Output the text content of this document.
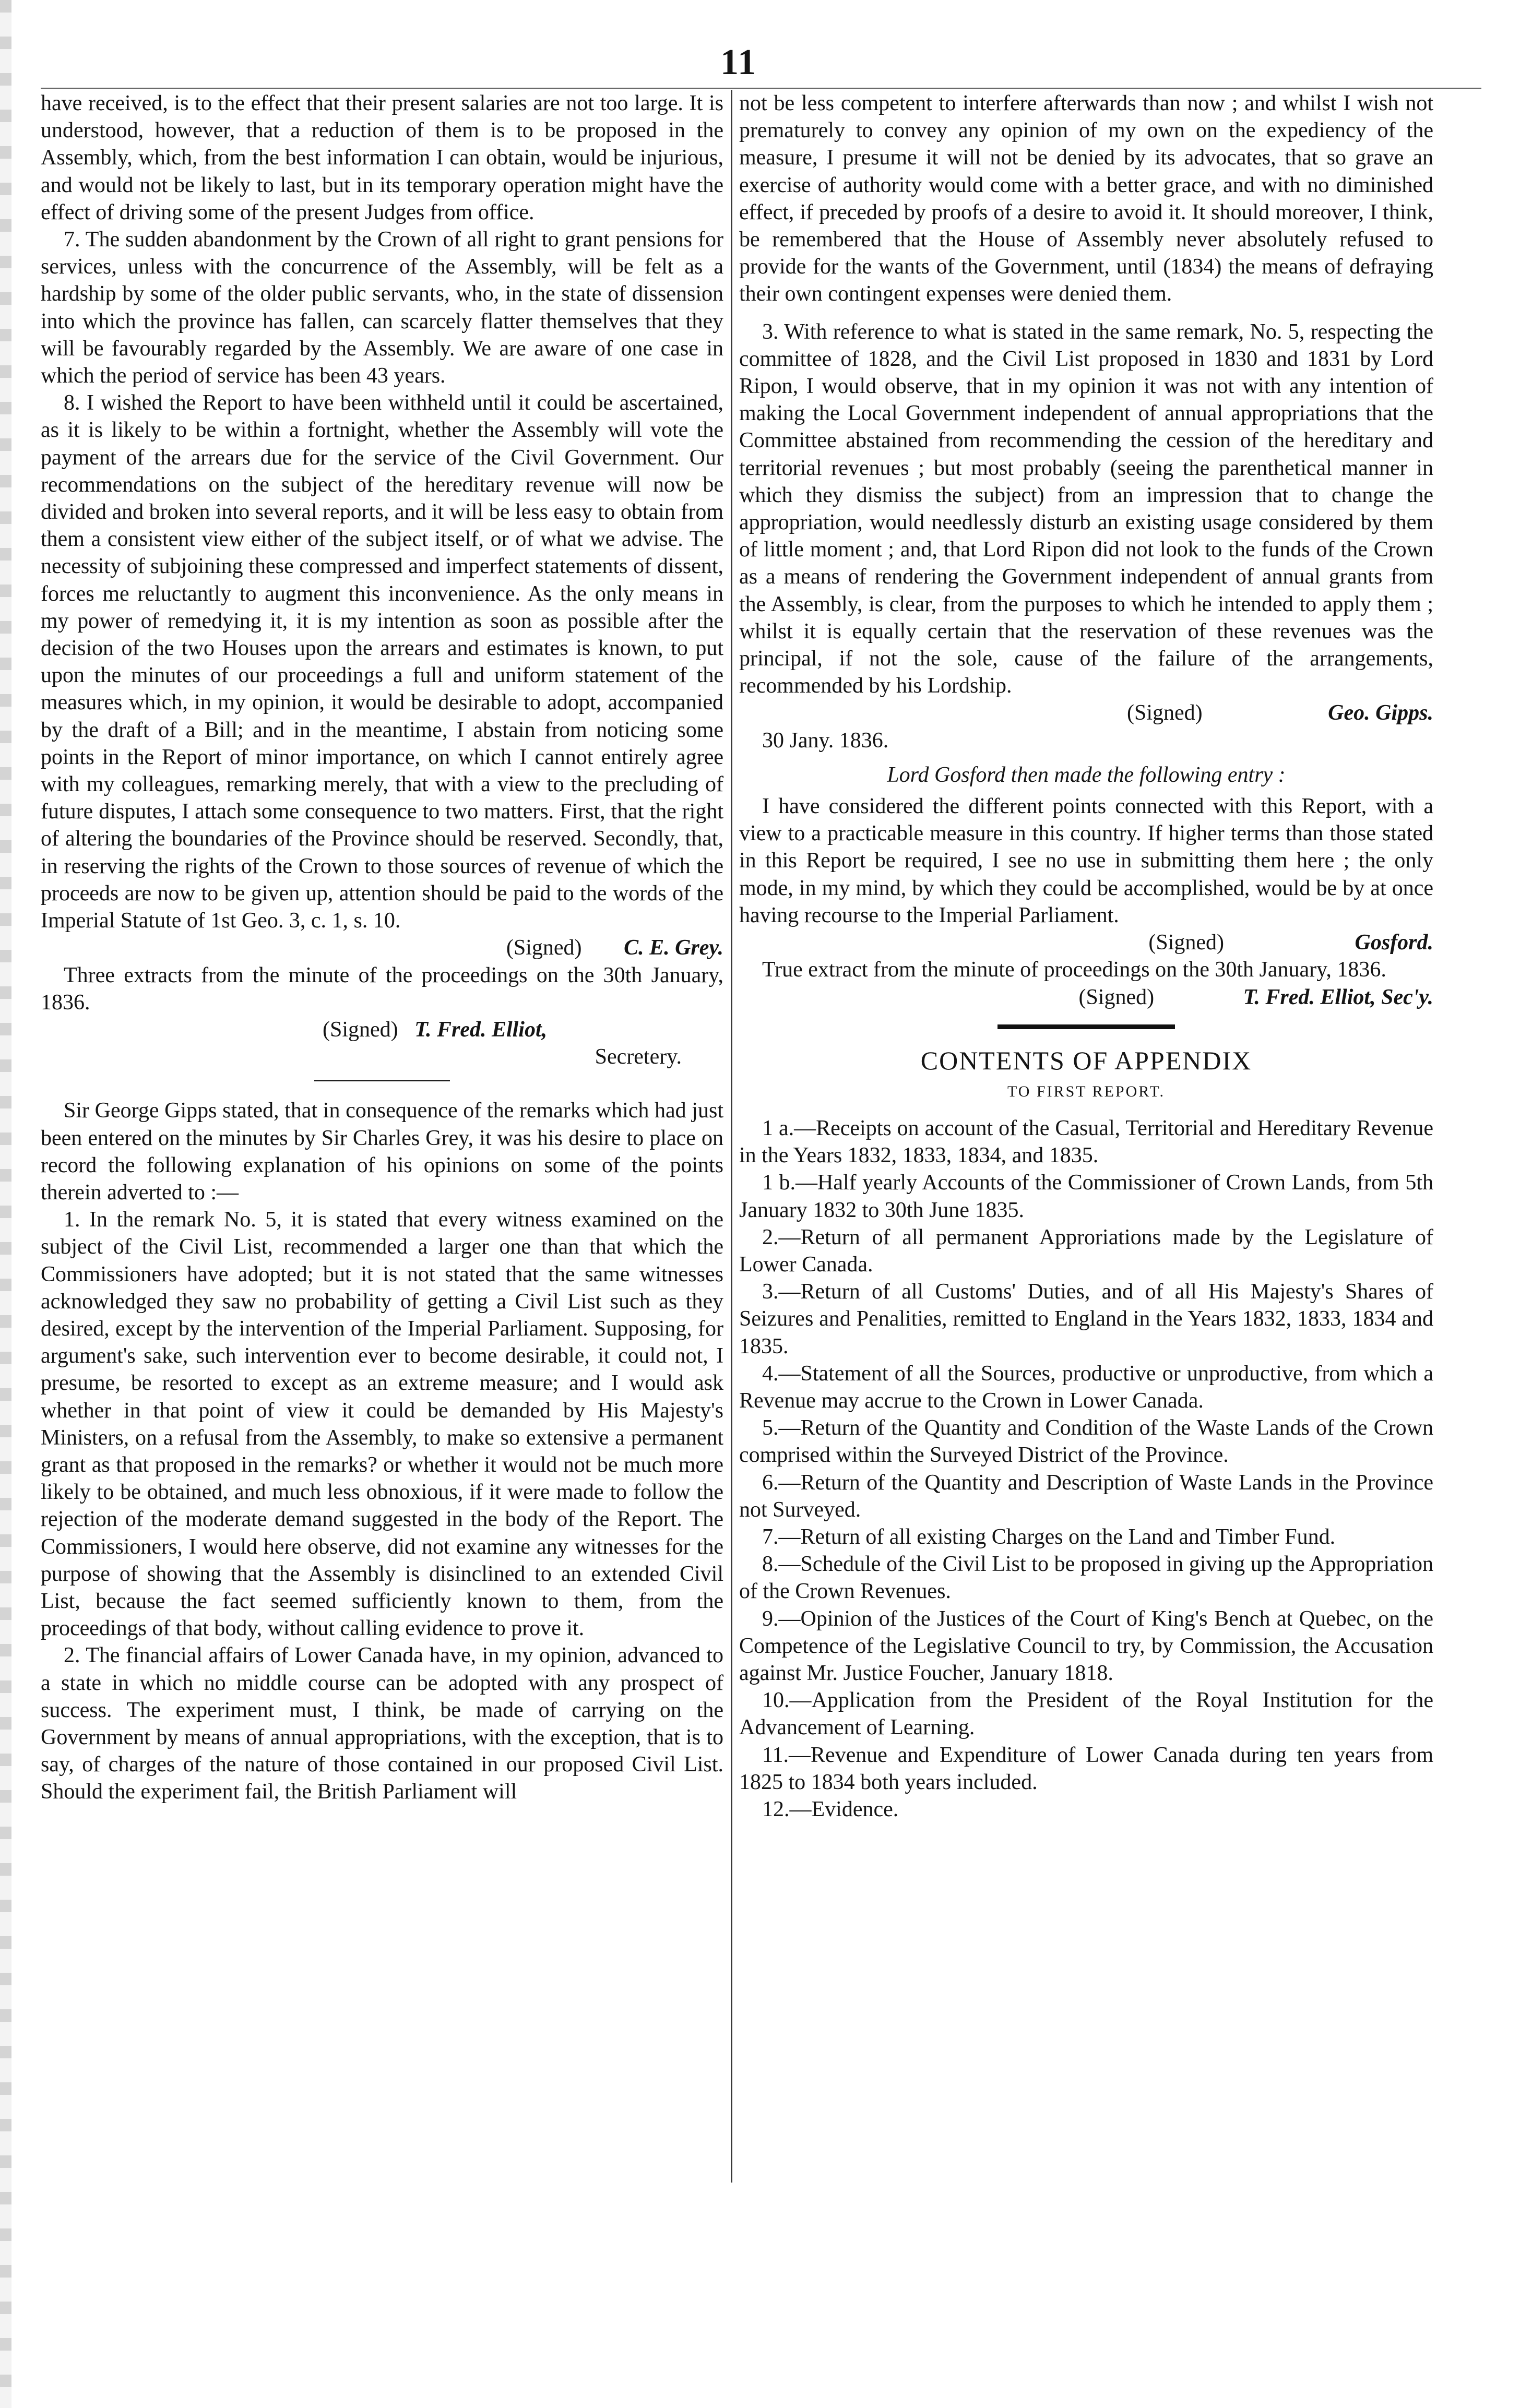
11

have received, is to the effect that their present salaries are not too large. It is understood, however, that a reduction of them is to be proposed in the Assembly, which, from the best information I can obtain, would be injurious, and would not be likely to last, but in its temporary operation might have the effect of driving some of the present Judges from office.

7. The sudden abandonment by the Crown of all right to grant pensions for services, unless with the concurrence of the Assembly, will be felt as a hardship by some of the older public servants, who, in the state of dissension into which the province has fallen, can scarcely flatter themselves that they will be favourably regarded by the Assembly. We are aware of one case in which the period of service has been 43 years.

8. I wished the Report to have been withheld until it could be ascertained, as it is likely to be within a fortnight, whether the Assembly will vote the payment of the arrears due for the service of the Civil Government. Our recommendations on the subject of the hereditary revenue will now be divided and broken into several reports, and it will be less easy to obtain from them a consistent view either of the subject itself, or of what we advise. The necessity of subjoining these compressed and imperfect statements of dissent, forces me reluctantly to augment this inconvenience. As the only means in my power of remedying it, it is my intention as soon as possible after the decision of the two Houses upon the arrears and estimates is known, to put upon the minutes of our proceedings a full and uniform statement of the measures which, in my opinion, it would be desirable to adopt, accompanied by the draft of a Bill; and in the meantime, I abstain from noticing some points in the Report of minor importance, on which I cannot entirely agree with my colleagues, remarking merely, that with a view to the precluding of future disputes, I attach some consequence to two matters. First, that the right of altering the boundaries of the Province should be reserved. Secondly, that, in reserving the rights of the Crown to those sources of revenue of which the proceeds are now to be given up, attention should be paid to the words of the Imperial Statute of 1st Geo. 3, c. 1, s. 10.

(Signed) C. E. Grey.

Three extracts from the minute of the proceedings on the 30th January, 1836.

(Signed) T. Fred. Elliot,

Secretery.

Sir George Gipps stated, that in consequence of the remarks which had just been entered on the minutes by Sir Charles Grey, it was his desire to place on record the following explanation of his opinions on some of the points therein adverted to :—

1. In the remark No. 5, it is stated that every witness examined on the subject of the Civil List, recommended a larger one than that which the Commissioners have adopted; but it is not stated that the same witnesses acknowledged they saw no probability of getting a Civil List such as they desired, except by the intervention of the Imperial Parliament. Supposing, for argument's sake, such intervention ever to become desirable, it could not, I presume, be resorted to except as an extreme measure; and I would ask whether in that point of view it could be demanded by His Majesty's Ministers, on a refusal from the Assembly, to make so extensive a permanent grant as that proposed in the remarks? or whether it would not be much more likely to be obtained, and much less obnoxious, if it were made to follow the rejection of the moderate demand suggested in the body of the Report. The Commissioners, I would here observe, did not examine any witnesses for the purpose of showing that the Assembly is disinclined to an extended Civil List, because the fact seemed sufficiently known to them, from the proceedings of that body, without calling evidence to prove it.

2. The financial affairs of Lower Canada have, in my opinion, advanced to a state in which no middle course can be adopted with any prospect of success. The experiment must, I think, be made of carrying on the Government by means of annual appropriations, with the exception, that is to say, of charges of the nature of those contained in our proposed Civil List. Should the experiment fail, the British Parliament will

not be less competent to interfere afterwards than now ; and whilst I wish not prematurely to convey any opinion of my own on the expediency of the measure, I presume it will not be denied by its advocates, that so grave an exercise of authority would come with a better grace, and with no diminished effect, if preceded by proofs of a desire to avoid it. It should moreover, I think, be remembered that the House of Assembly never absolutely refused to provide for the wants of the Government, until (1834) the means of defraying their own contingent expenses were denied them.

3. With reference to what is stated in the same remark, No. 5, respecting the committee of 1828, and the Civil List proposed in 1830 and 1831 by Lord Ripon, I would observe, that in my opinion it was not with any intention of making the Local Government independent of annual appropriations that the Committee abstained from recommending the cession of the hereditary and territorial revenues ; but most probably (seeing the parenthetical manner in which they dismiss the subject) from an impression that to change the appropriation, would needlessly disturb an existing usage considered by them of little moment ; and, that Lord Ripon did not look to the funds of the Crown as a means of rendering the Government independent of annual grants from the Assembly, is clear, from the purposes to which he intended to apply them ; whilst it is equally certain that the reservation of these revenues was the principal, if not the sole, cause of the failure of the arrangements, recommended by his Lordship.

(Signed)	Geo. Gipps.

30 Jany. 1836.

Lord Gosford then made the following entry :

I have considered the different points connected with this Report, with a view to a practicable measure in this country. If higher terms than those stated in this Report be required, I see no use in submitting them here ; the only mode, in my mind, by which they could be accomplished, would be by at once having recourse to the Imperial Parliament.

(Signed)	Gosford.

True extract from the minute of proceedings on the 30th January, 1836.

(Signed)	T. Fred. Elliot, Sec'y.

CONTENTS OF APPENDIX
TO FIRST REPORT.

1 a.—Receipts on account of the Casual, Territorial and Hereditary Revenue in the Years 1832, 1833, 1834, and 1835.

1 b.—Half yearly Accounts of the Commissioner of Crown Lands, from 5th January 1832 to 30th June 1835.

2.—Return of all permanent Approriations made by the Legislature of Lower Canada.

3.—Return of all Customs' Duties, and of all His Majesty's Shares of Seizures and Penalities, remitted to England in the Years 1832, 1833, 1834 and 1835.

4.—Statement of all the Sources, productive or unproductive, from which a Revenue may accrue to the Crown in Lower Canada.

5.—Return of the Quantity and Condition of the Waste Lands of the Crown comprised within the Surveyed District of the Province.

6.—Return of the Quantity and Description of Waste Lands in the Province not Surveyed.

7.—Return of all existing Charges on the Land and Timber Fund.

8.—Schedule of the Civil List to be proposed in giving up the Appropriation of the Crown Revenues.

9.—Opinion of the Justices of the Court of King's Bench at Quebec, on the Competence of the Legislative Council to try, by Commission, the Accusation against Mr. Justice Foucher, January 1818.

10.—Application from the President of the Royal Institution for the Advancement of Learning.

11.—Revenue and Expenditure of Lower Canada during ten years from 1825 to 1834 both years included.

12.—Evidence.
